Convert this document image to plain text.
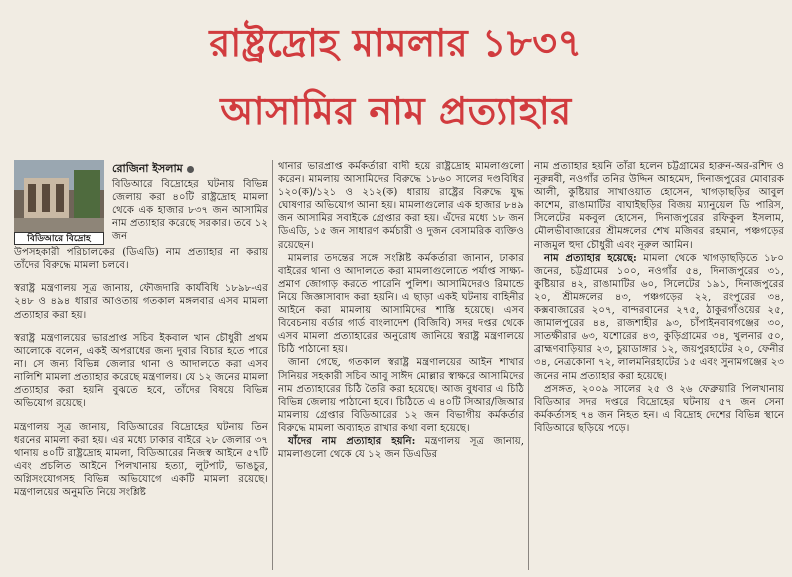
রাষ্ট্রদ্রোহ মামলার ১৮৩৭
আসামির নাম প্রত্যাহার
বিডিআরে বিদ্রোহ
রোজিনা ইসলাম
বিডিআরে বিদ্রোহের ঘটনায় বিভিন্ন জেলায় করা ৪০টি রাষ্ট্রদ্রোহ মামলা থেকে এক হাজার ৮৩৭ জন আসামির নাম প্রত্যাহার করেছে সরকার। তবে ১২ জন
উপসহকারী পরিচালকের (ডিএডি) নাম প্রত্যাহার না করায় তাঁদের বিরুদ্ধে মামলা চলবে।

স্বরাষ্ট্র মন্ত্রণালয় সূত্র জানায়, ফৌজদারি কার্যবিধি ১৮৯৮-এর ২৪৮ ও ৪৯৪ ধারার আওতায় গতকাল মঙ্গলবার এসব মামলা প্রত্যাহার করা হয়।

স্বরাষ্ট্র মন্ত্রণালয়ের ভারপ্রাপ্ত সচিব ইকবাল খান চৌধুরী প্রথম আলোকে বলেন, একই অপরাধের জন্য দুবার বিচার হতে পারে না। সে জন্য বিভিন্ন জেলার থানা ও আদালতে করা এসব নালিশি মামলা প্রত্যাহার করেছে মন্ত্রণালয়। যে ১২ জনের মামলা প্রত্যাহার করা হয়নি বুঝতে হবে, তাঁদের বিষয়ে বিভিন্ন অভিযোগ রয়েছে।

মন্ত্রণালয় সূত্র জানায়, বিডিআরের বিদ্রোহের ঘটনায় তিন ধরনের মামলা করা হয়। এর মধ্যে ঢাকার বাইরে ২৮ জেলার ৩৭ থানায় ৪০টি রাষ্ট্রদ্রোহ মামলা, বিডিআরের নিজস্ব আইনে ৫৭টি এবং প্রচলিত আইনে পিলখানায় হত্যা, লুটপাট, ভাঙচুর, অগ্নিসংযোগসহ বিভিন্ন অভিযোগে একটি মামলা রয়েছে। মন্ত্রণালয়ের অনুমতি নিয়ে সংশ্লিষ্ট

থানার ভারপ্রাপ্ত কর্মকর্তারা বাদী হয়ে রাষ্ট্রদ্রোহ মামলাগুলো করেন। মামলায় আসামিদের বিরুদ্ধে ১৮৬০ সালের দণ্ডবিধির ১২০(ক)/১২১ ও ২১২(ক) ধারায় রাষ্ট্রের বিরুদ্ধে যুদ্ধ ঘোষণার অভিযোগ আনা হয়। মামলাগুলোর এক হাজার ৮৪৯ জন আসামির সবাইকে গ্রেপ্তার করা হয়। এঁদের মধ্যে ১৮ জন ডিএডি, ১৫ জন সাধারণ কর্মচারী ও দুজন বেসামরিক ব্যক্তিও রয়েছেন।

মামলার তদন্তের সঙ্গে সংশ্লিষ্ট কর্মকর্তারা জানান, ঢাকার বাইরের থানা ও আদালতে করা মামলাগুলোতে পর্যাপ্ত সাক্ষ্য-প্রমাণ জোগাড় করতে পারেনি পুলিশ। আসামিদেরও রিমান্ডে নিয়ে জিজ্ঞাসাবাদ করা হয়নি। এ ছাড়া একই ঘটনায় বাহিনীর আইনে করা মামলায় আসামিদের শাস্তি হয়েছে। এসব বিবেচনায় বর্ডার গার্ড বাংলাদেশ (বিজিবি) সদর দপ্তর থেকে এসব মামলা প্রত্যাহারের অনুরোধ জানিয়ে স্বরাষ্ট্র মন্ত্রণালয়ে চিঠি পাঠানো হয়।

জানা গেছে, গতকাল স্বরাষ্ট্র মন্ত্রণালয়ের আইন শাখার সিনিয়র সহকারী সচিব আবু সাঈদ মোল্লার স্বাক্ষরে আসামিদের নাম প্রত্যাহারের চিঠি তৈরি করা হয়েছে। আজ বুধবার এ চিঠি বিভিন্ন জেলায় পাঠানো হবে। চিঠিতে এ ৪০টি সিআর/জিআর মামলায় গ্রেপ্তার বিডিআরের ১২ জন বিভাগীয় কর্মকর্তার বিরুদ্ধে মামলা অব্যাহত রাখার কথা বলা হয়েছে।

যাঁদের নাম প্রত্যাহার হয়নি: মন্ত্রণালয় সূত্র জানায়, মামলাগুলো থেকে যে ১২ জন ডিএডির

নাম প্রত্যাহার হয়নি তাঁরা হলেন চট্টগ্রামের হারুন-অর-রশিদ ও নূরুন্নবী, নওগাঁর তনির উদ্দিন আহমেদ, দিনাজপুরের মোবারক আলী, কুষ্টিয়ার সাখাওয়াত হোসেন, খাগড়াছড়ির আবুল কাশেম, রাঙামাটির বাঘাইছড়ির বিজয় ম্যানুয়েল ডি পারিস, সিলেটের মকবুল হোসেন, দিনাজপুরের রফিকুল ইসলাম, মৌলভীবাজারের শ্রীমঙ্গলের শেখ মজিবর রহমান, পঞ্চগড়ের নাজমুল হুদা চৌধুরী এবং নূরুল আমিন।

নাম প্রত্যাহার হয়েছে: মামলা থেকে খাগড়াছড়িতে ১৮০ জনের, চট্টগ্রামের ১০০, নওগাঁর ৫৪, দিনাজপুরের ৩১, কুষ্টিয়ার ৪২, রাঙামাটির ৬০, সিলেটের ১৯১, দিনাজপুরের ২০, শ্রীমঙ্গলের ৪৩, পঞ্চগড়ের ২২, রংপুরের ৩৪, কক্সবাজারের ২০৭, বান্দরবানের ২৭৫, ঠাকুরগাঁওয়ের ২৫, জামালপুরের ৪৪, রাজশাহীর ৯৩, চাঁপাইনবাবগঞ্জের ৩০, সাতক্ষীরার ৬৩, যশোরের ৪৩, কুড়িগ্রামের ৩৪, খুলনার ৫০, ব্রাহ্মণবাড়িয়ার ২৩, চুয়াডাঙ্গার ১২, জয়পুরহাটের ২০, ফেনীর ৩৪, নেত্রকোনা ৭২, লালমনিরহাটের ১৫ এবং সুনামগঞ্জের ২৩ জনের নাম প্রত্যাহার করা হয়েছে।

প্রসঙ্গত, ২০০৯ সালের ২৫ ও ২৬ ফেব্রুয়ারি পিলখানায় বিডিআর সদর দপ্তরে বিদ্রোহের ঘটনায় ৫৭ জন সেনা কর্মকর্তাসহ ৭৪ জন নিহত হন। এ বিদ্রোহ দেশের বিভিন্ন স্থানে বিডিআরে ছড়িয়ে পড়ে।
